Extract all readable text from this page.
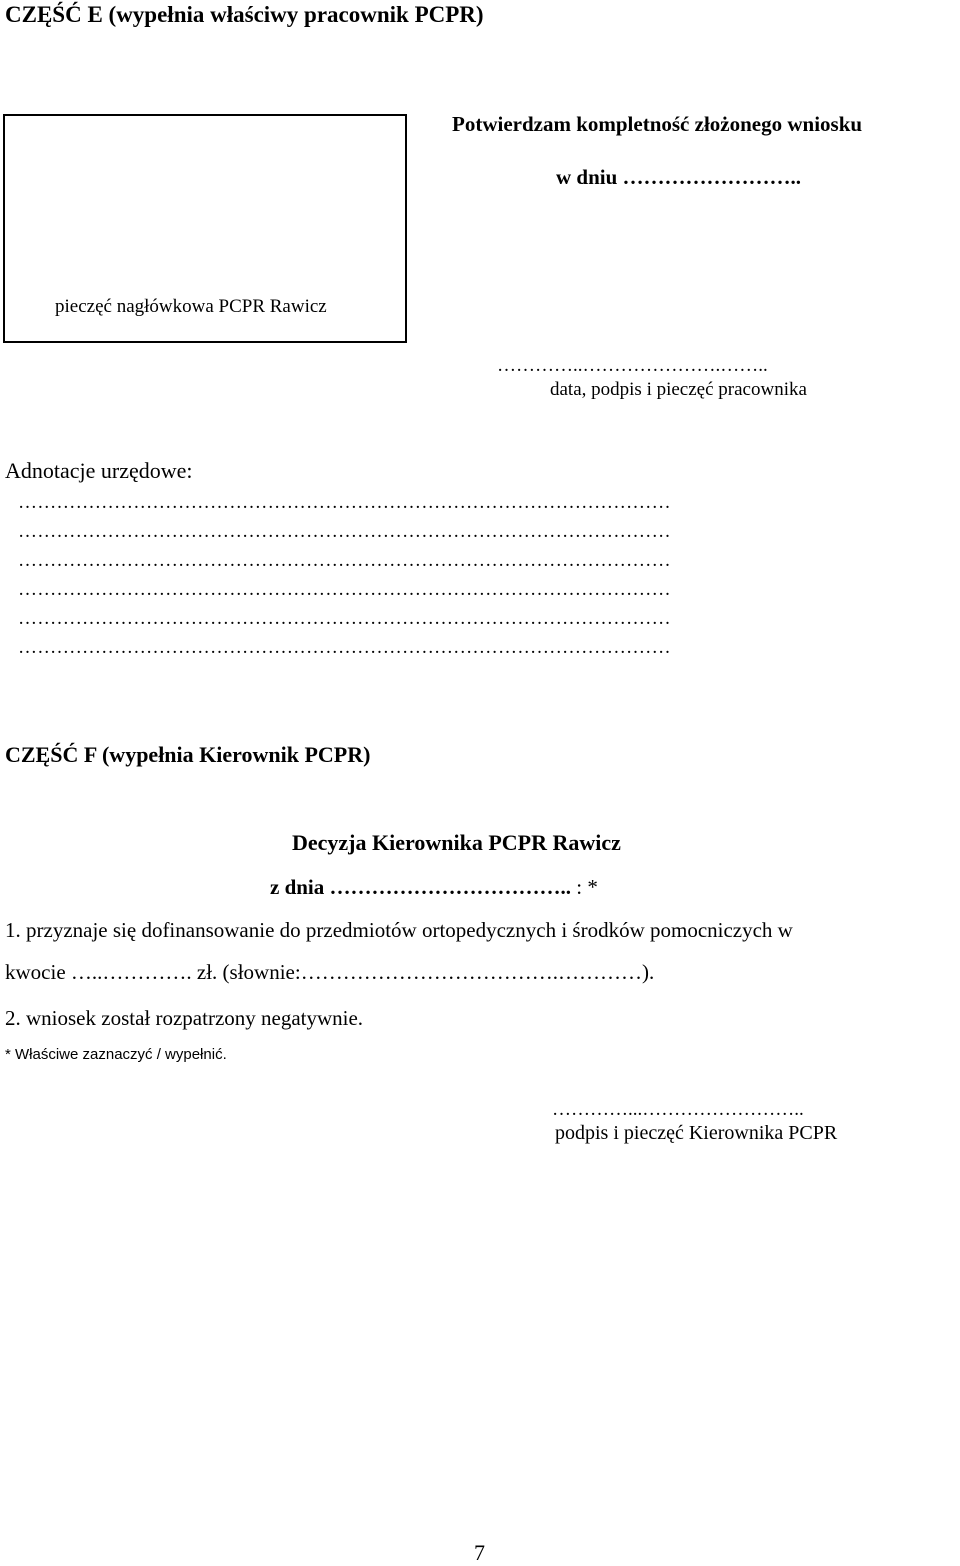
CZĘŚĆ E (wypełnia właściwy pracownik PCPR)
pieczęć nagłówkowa PCPR Rawicz
Potwierdzam kompletność złożonego wniosku
w dniu ……………………..
…………..………………….……..
data, podpis i pieczęć pracownika
Adnotacje urzędowe:
…………………………………………………………………………………………
…………………………………………………………………………………………
…………………………………………………………………………………………
…………………………………………………………………………………………
…………………………………………………………………………………………
…………………………………………………………………………………………
CZĘŚĆ F (wypełnia Kierownik PCPR)
Decyzja Kierownika PCPR Rawicz
z dnia …………………………….. : *
1. przyznaje się dofinansowanie do przedmiotów ortopedycznych i środków pomocniczych w
kwocie …..…………. zł. (słownie:……………………………….…………).
2. wniosek został rozpatrzony negatywnie.
* Właściwe zaznaczyć / wypełnić.
…………...……………………..
podpis i pieczęć Kierownika PCPR
7
